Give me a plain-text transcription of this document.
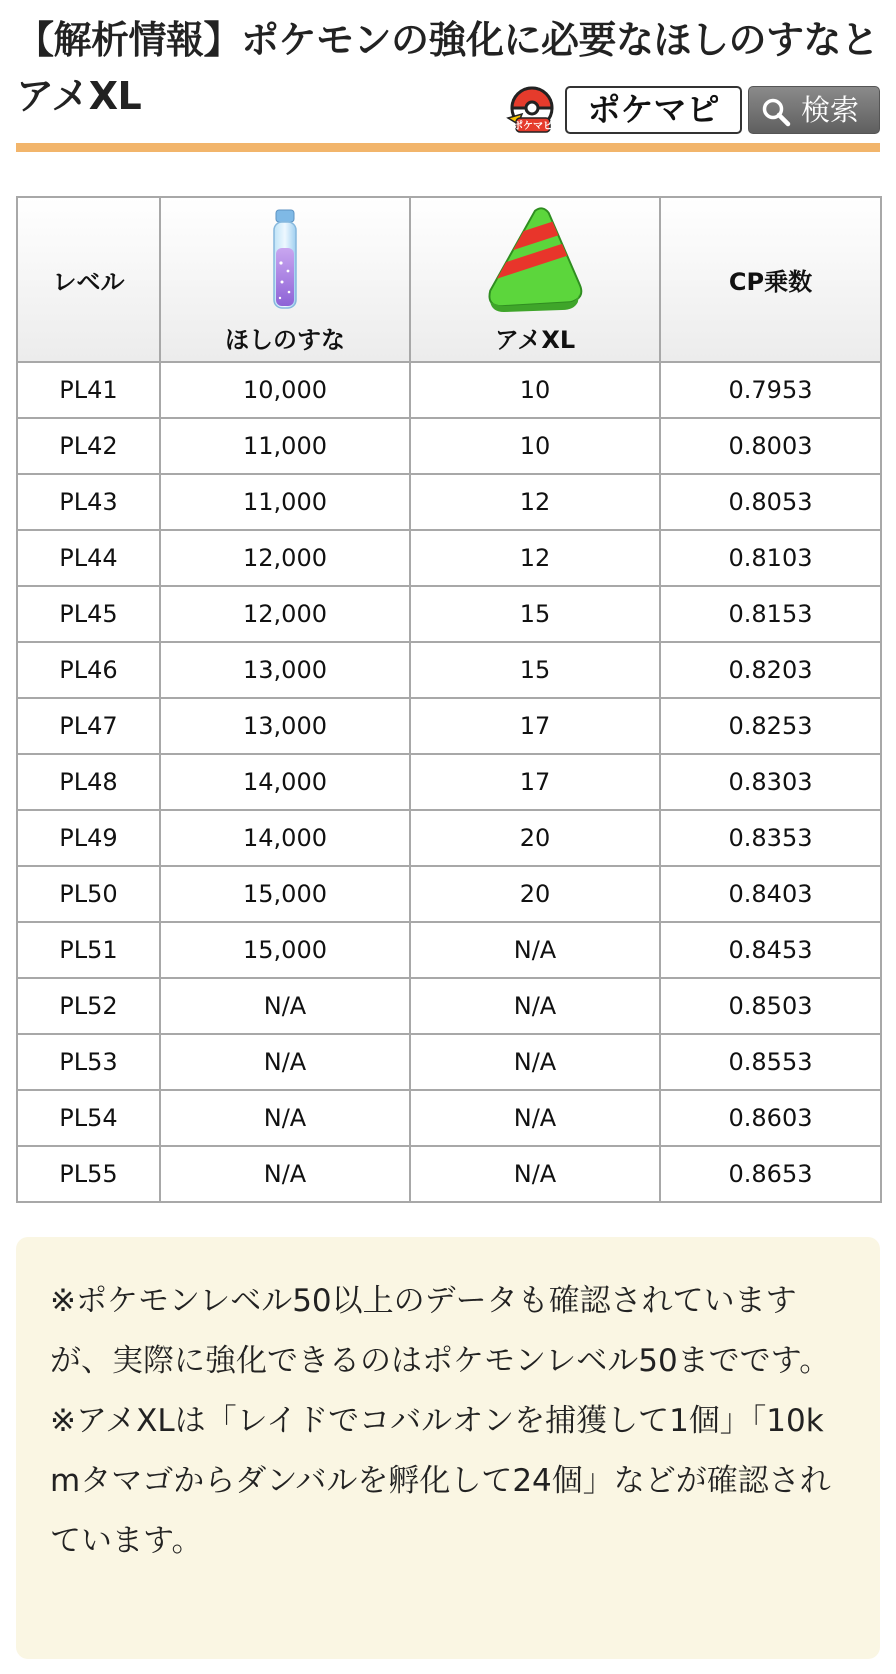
【解析情報】ポケモンの強化に必要なほしのすなとアメXL
ポケマピ	ポケマピ	検索
レベル	ほしのすな	アメXL	CP乗数
PL41	10,000	10	0.7953
PL42	11,000	10	0.8003
PL43	11,000	12	0.8053
PL44	12,000	12	0.8103
PL45	12,000	15	0.8153
PL46	13,000	15	0.8203
PL47	13,000	17	0.8253
PL48	14,000	17	0.8303
PL49	14,000	20	0.8353
PL50	15,000	20	0.8403
PL51	15,000	N/A	0.8453
PL52	N/A	N/A	0.8503
PL53	N/A	N/A	0.8553
PL54	N/A	N/A	0.8603
PL55	N/A	N/A	0.8653

※ポケモンレベル50以上のデータも確認されていますが、実際に強化できるのはポケモンレベル50までです。

※アメXLは「レイドでコバルオンを捕獲して1個」「10kmタマゴからダンバルを孵化して24個」などが確認されています。
